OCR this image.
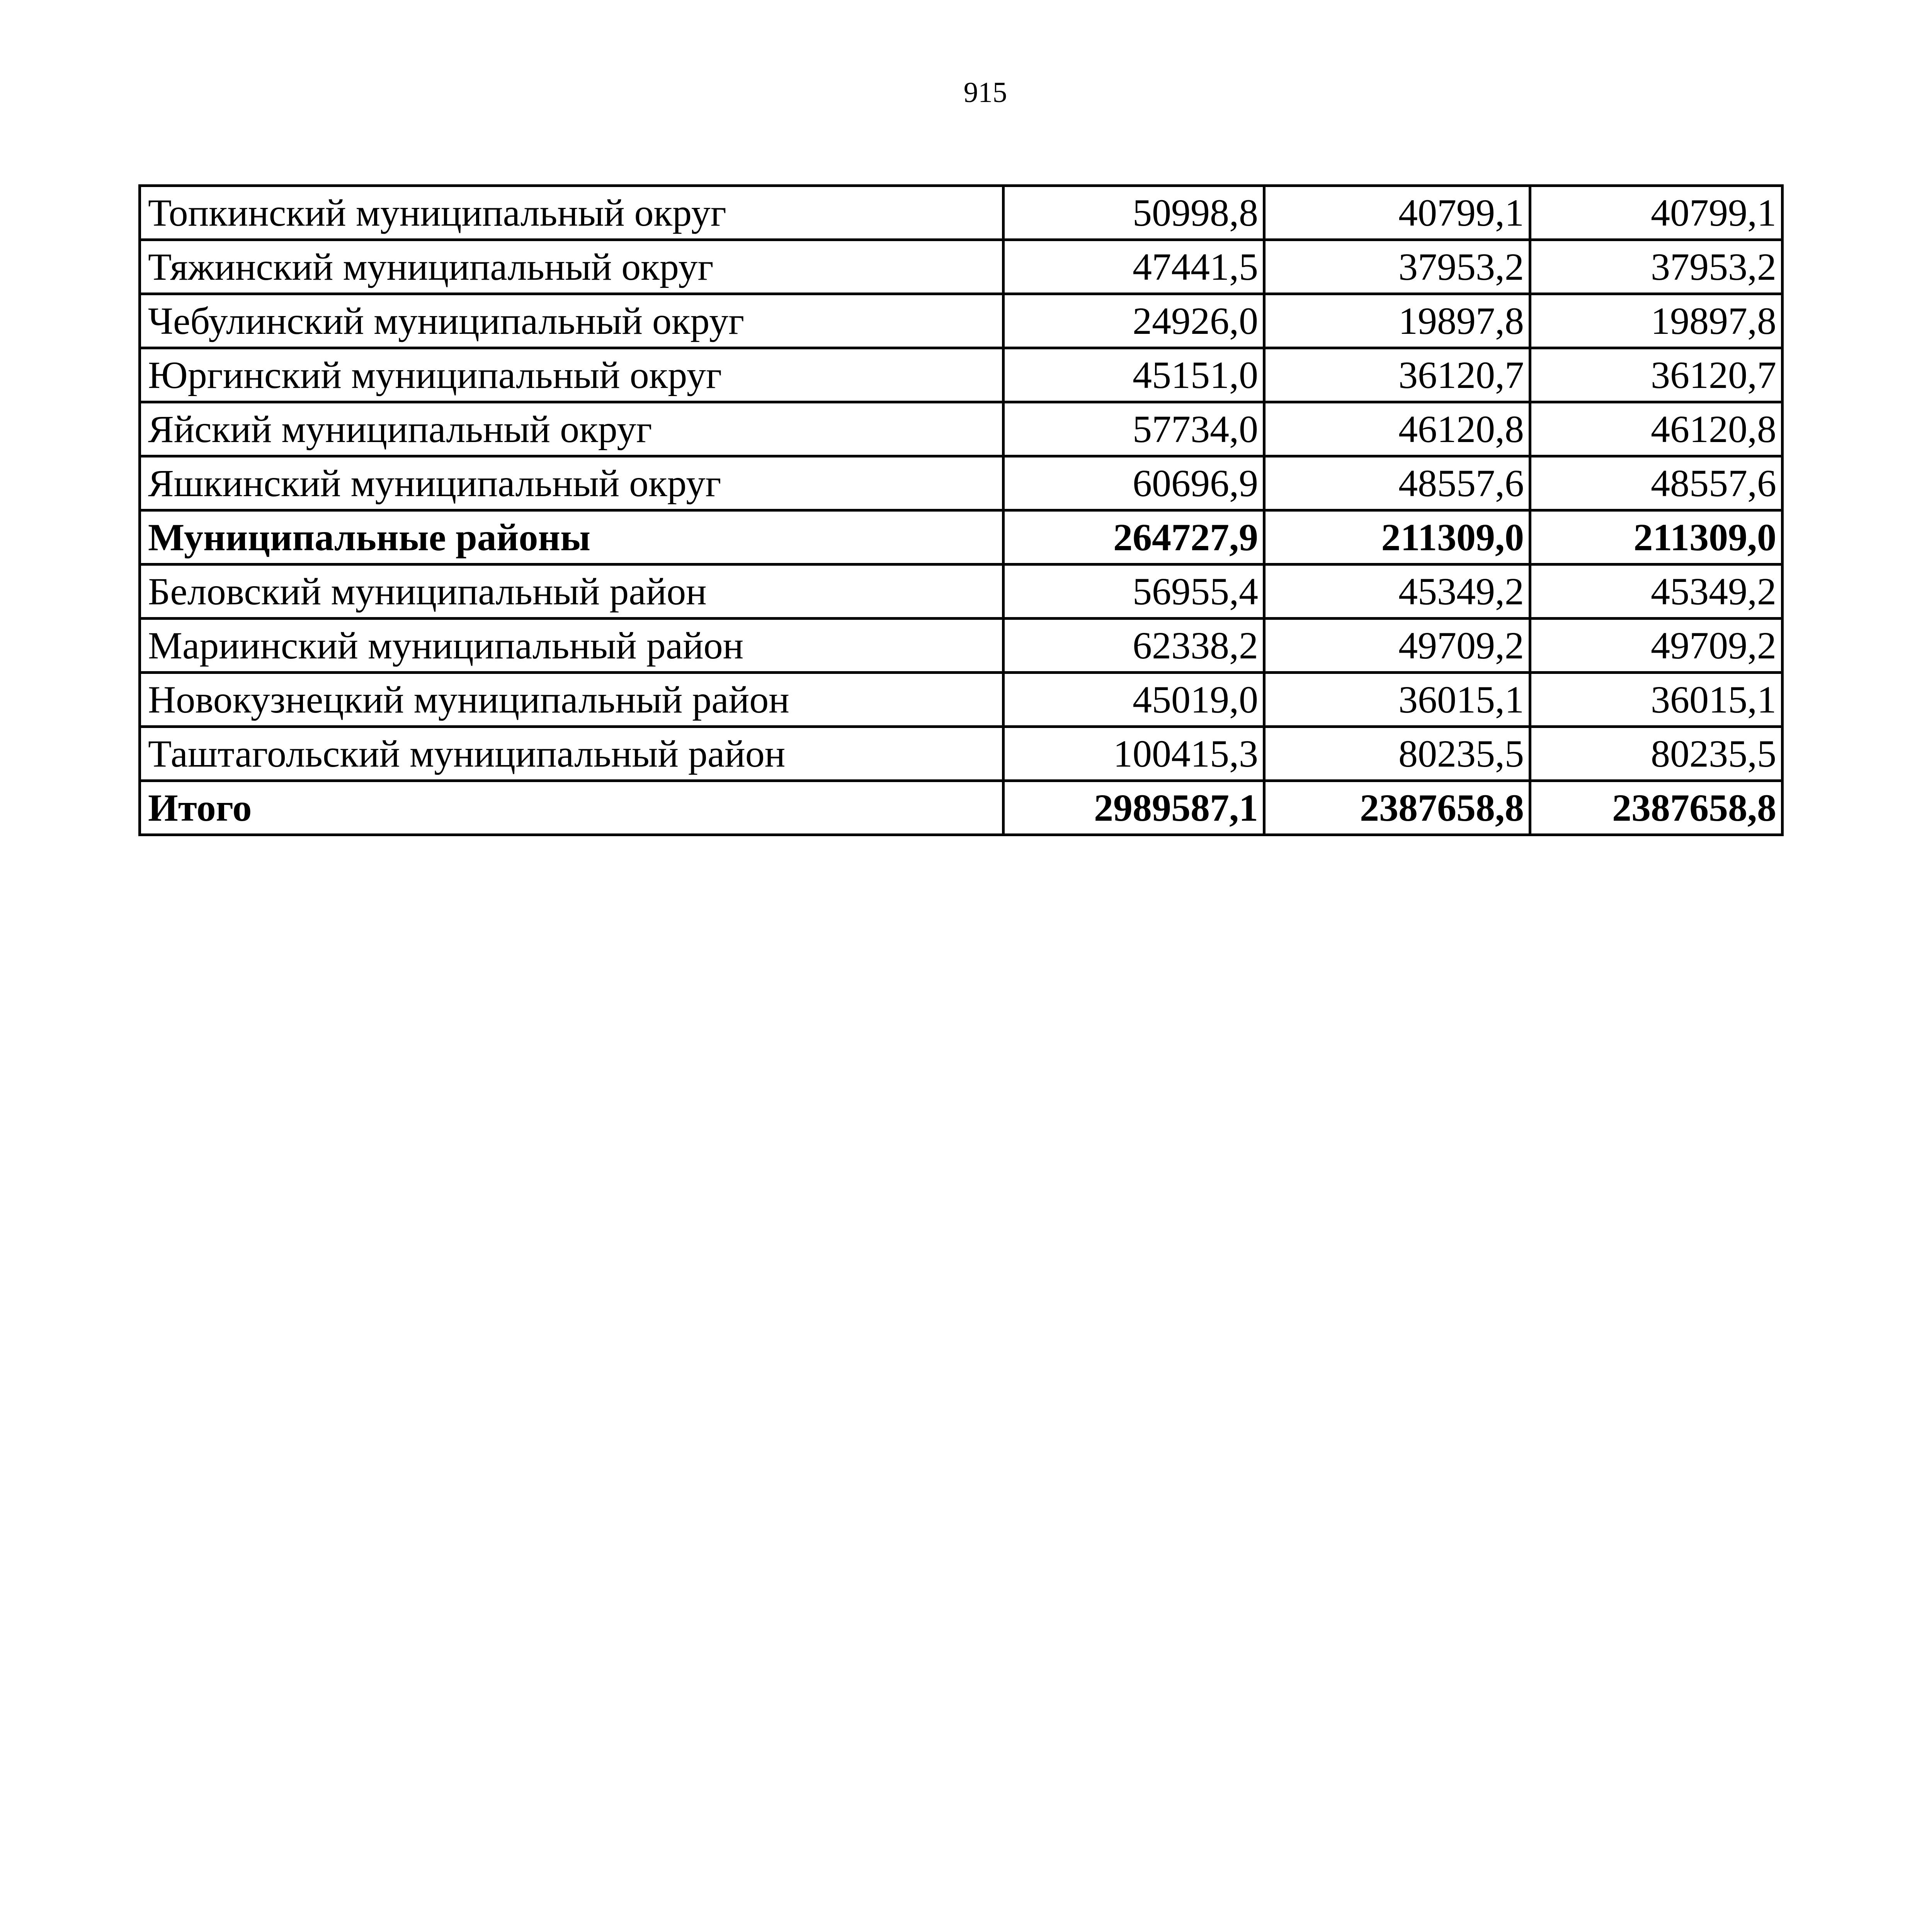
915
Топкинский муниципальный округ	50998,8	40799,1	40799,1
Тяжинский муниципальный округ	47441,5	37953,2	37953,2
Чебулинский муниципальный округ	24926,0	19897,8	19897,8
Юргинский муниципальный округ	45151,0	36120,7	36120,7
Яйский муниципальный округ	57734,0	46120,8	46120,8
Яшкинский муниципальный округ	60696,9	48557,6	48557,6
Муниципальные районы	264727,9	211309,0	211309,0
Беловский муниципальный район	56955,4	45349,2	45349,2
Мариинский муниципальный район	62338,2	49709,2	49709,2
Новокузнецкий муниципальный район	45019,0	36015,1	36015,1
Таштагольский муниципальный район	100415,3	80235,5	80235,5
Итого	2989587,1	2387658,8	2387658,8
